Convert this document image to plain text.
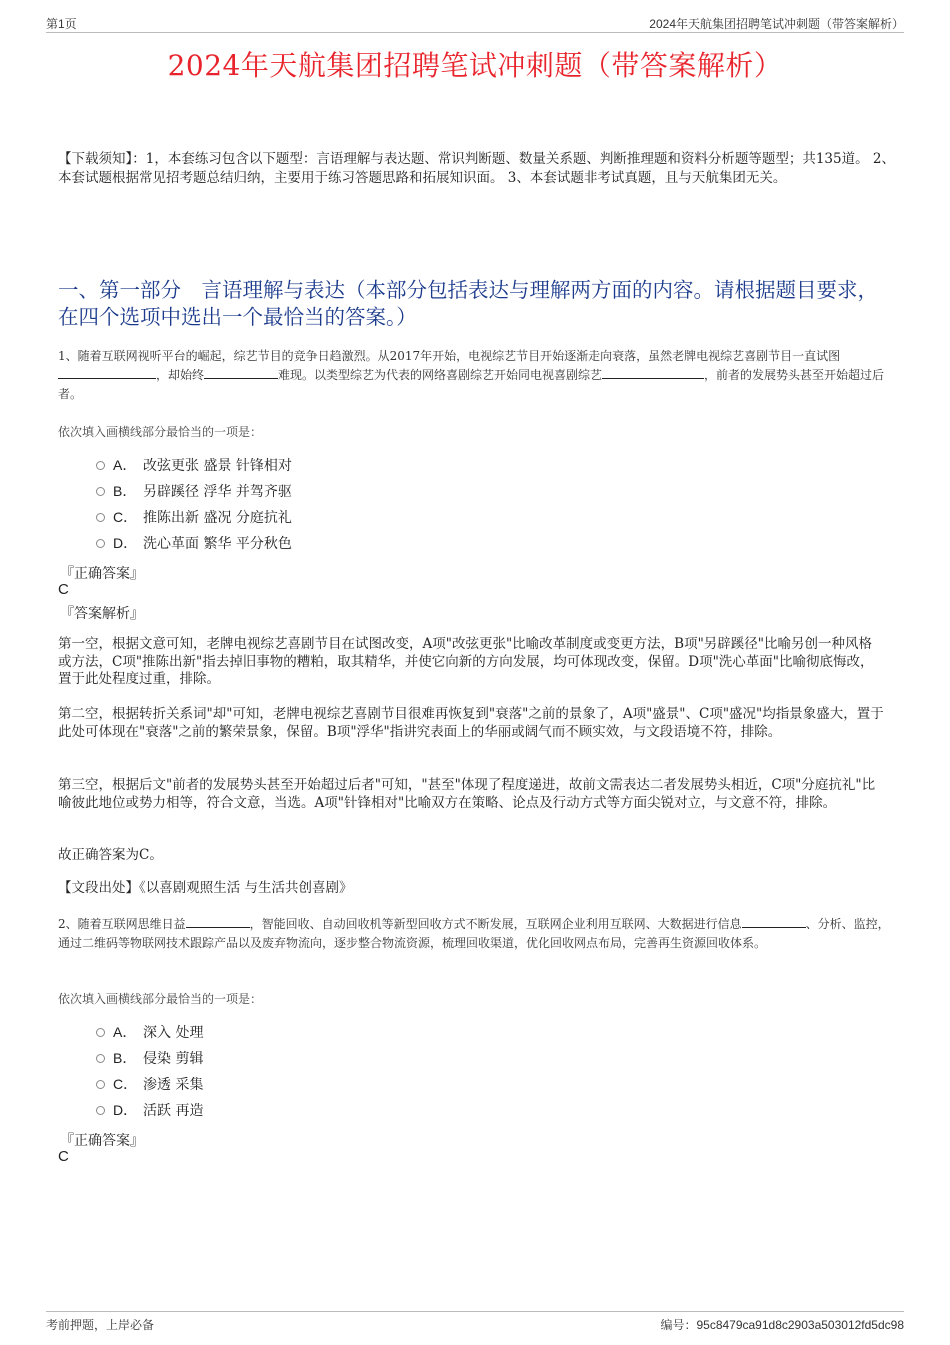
第1页	2024年天航集团招聘笔试冲刺题（带答案解析）
2024年天航集团招聘笔试冲刺题（带答案解析）
【下载须知】：1，本套练习包含以下题型：言语理解与表达题、常识判断题、数量关系题、判断推理题和资料分析题等题型；共135道。 2、本套试题根据常见招考题总结归纳，主要用于练习答题思路和拓展知识面。 3、本套试题非考试真题，且与天航集团无关。
一、第一部分　言语理解与表达（本部分包括表达与理解两方面的内容。请根据题目要求，在四个选项中选出一个最恰当的答案。）
1、随着互联网视听平台的崛起，综艺节目的竞争日趋激烈。从2017年开始，电视综艺节目开始逐渐走向衰落，虽然老牌电视综艺喜剧节目一直试图，却始终	难现。以类型综艺为代表的网络喜剧综艺开始同电视喜剧综艺	，前者的发展势头甚至开始超过后者。
依次填入画横线部分最恰当的一项是：
A． 改弦更张 盛景 针锋相对
B． 另辟蹊径 浮华 并驾齐驱
C． 推陈出新 盛况 分庭抗礼
D． 洗心革面 繁华 平分秋色
『正确答案』
C
『答案解析』
第一空，根据文意可知，老牌电视综艺喜剧节目在试图改变，A项"改弦更张"比喻改革制度或变更方法，B项"另辟蹊径"比喻另创一种风格或方法，C项"推陈出新"指去掉旧事物的糟粕，取其精华，并使它向新的方向发展，均可体现改变，保留。D项"洗心革面"比喻彻底悔改，置于此处程度过重，排除。
第二空，根据转折关系词"却"可知，老牌电视综艺喜剧节目很难再恢复到"衰落"之前的景象了，A项"盛景"、C项"盛况"均指景象盛大，置于此处可体现在"衰落"之前的繁荣景象，保留。B项"浮华"指讲究表面上的华丽或阔气而不顾实效，与文段语境不符，排除。
第三空，根据后文"前者的发展势头甚至开始超过后者"可知，"甚至"体现了程度递进，故前文需表达二者发展势头相近，C项"分庭抗礼"比喻彼此地位或势力相等，符合文意，当选。A项"针锋相对"比喻双方在策略、论点及行动方式等方面尖锐对立，与文意不符，排除。
故正确答案为C。
【文段出处】《以喜剧观照生活 与生活共创喜剧》
2、随着互联网思维日益	，智能回收、自动回收机等新型回收方式不断发展，互联网企业利用互联网、大数据进行信息	、分析、监控，通过二维码等物联网技术跟踪产品以及废弃物流向，逐步整合物流资源，梳理回收渠道，优化回收网点布局，完善再生资源回收体系。
依次填入画横线部分最恰当的一项是：
A． 深入 处理
B． 侵染 剪辑
C． 渗透 采集
D． 活跃 再造
『正确答案』
C
考前押题，上岸必备	编号：95c8479ca91d8c2903a503012fd5dc98
